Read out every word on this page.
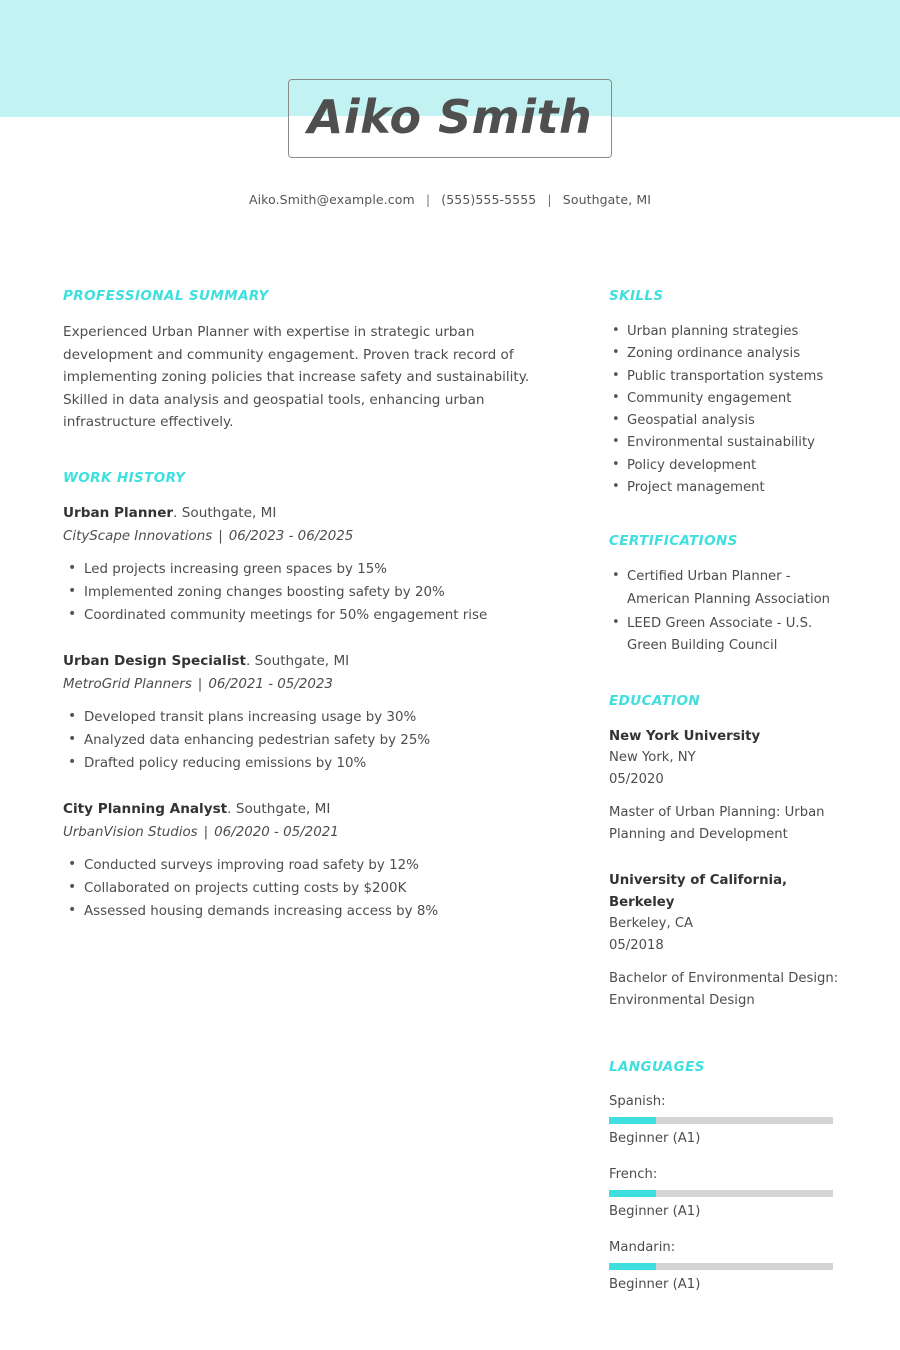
Aiko Smith
Aiko.Smith@example.com | (555)555-5555 | Southgate, MI
PROFESSIONAL SUMMARY
Experienced Urban Planner with expertise in strategic urban development and community engagement. Proven track record of implementing zoning policies that increase safety and sustainability. Skilled in data analysis and geospatial tools, enhancing urban infrastructure effectively.
WORK HISTORY
Urban Planner. Southgate, MI
CityScape Innovations | 06/2023 - 06/2025
• Led projects increasing green spaces by 15%
• Implemented zoning changes boosting safety by 20%
• Coordinated community meetings for 50% engagement rise
Urban Design Specialist. Southgate, MI
MetroGrid Planners | 06/2021 - 05/2023
• Developed transit plans increasing usage by 30%
• Analyzed data enhancing pedestrian safety by 25%
• Drafted policy reducing emissions by 10%
City Planning Analyst. Southgate, MI
UrbanVision Studios | 06/2020 - 05/2021
• Conducted surveys improving road safety by 12%
• Collaborated on projects cutting costs by $200K
• Assessed housing demands increasing access by 8%
SKILLS
• Urban planning strategies
• Zoning ordinance analysis
• Public transportation systems
• Community engagement
• Geospatial analysis
• Environmental sustainability
• Policy development
• Project management
CERTIFICATIONS
• Certified Urban Planner - American Planning Association
• LEED Green Associate - U.S. Green Building Council
EDUCATION
New York University
New York, NY
05/2020
Master of Urban Planning: Urban Planning and Development
University of California, Berkeley
Berkeley, CA
05/2018
Bachelor of Environmental Design: Environmental Design
LANGUAGES
Spanish:
Beginner (A1)
French:
Beginner (A1)
Mandarin:
Beginner (A1)
